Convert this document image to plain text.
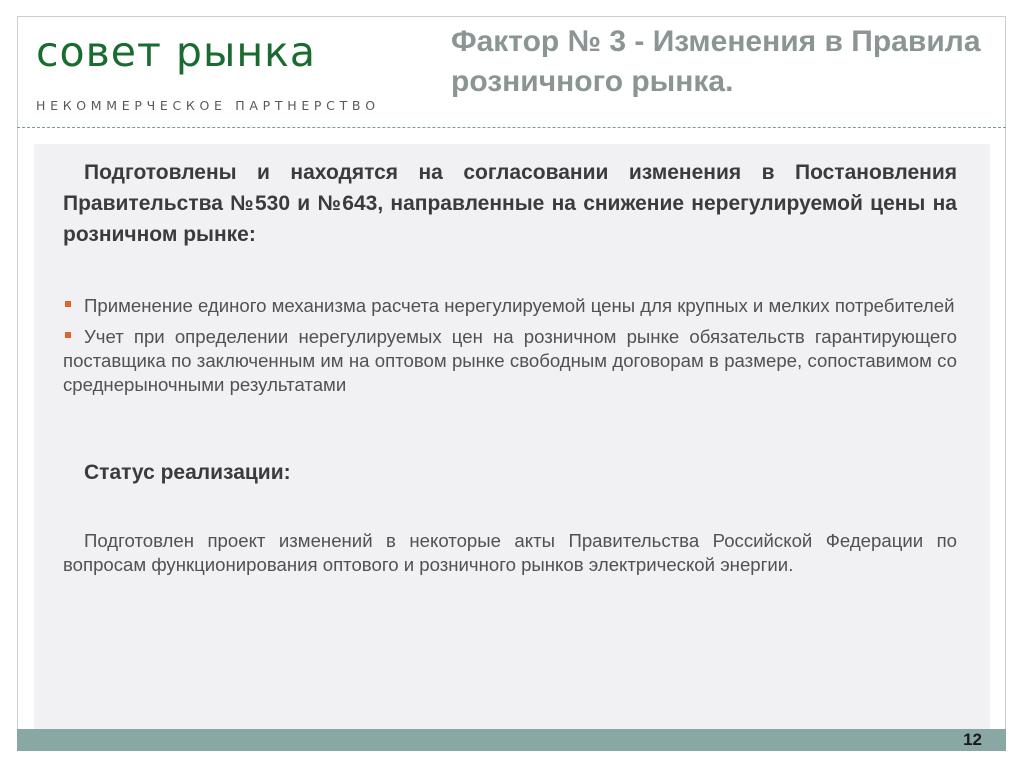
совет рынка
НЕКОММЕРЧЕСКОЕ ПАРТНЕРСТВО
Фактор № 3 - Изменения в Правила розничного рынка.
Подготовлены и находятся на согласовании изменения в Постановления Правительства №530 и №643, направленные на снижение нерегулируемой цены на розничном рынке:
Применение единого механизма расчета нерегулируемой цены для крупных и мелких потребителей
Учет при определении нерегулируемых цен на розничном рынке обязательств гарантирующего поставщика по заключенным им на оптовом рынке свободным договорам в размере, сопоставимом со среднерыночными результатами
Статус реализации:
Подготовлен проект изменений в некоторые акты Правительства Российской Федерации по вопросам функционирования оптового и розничного рынков электрической энергии.
12
